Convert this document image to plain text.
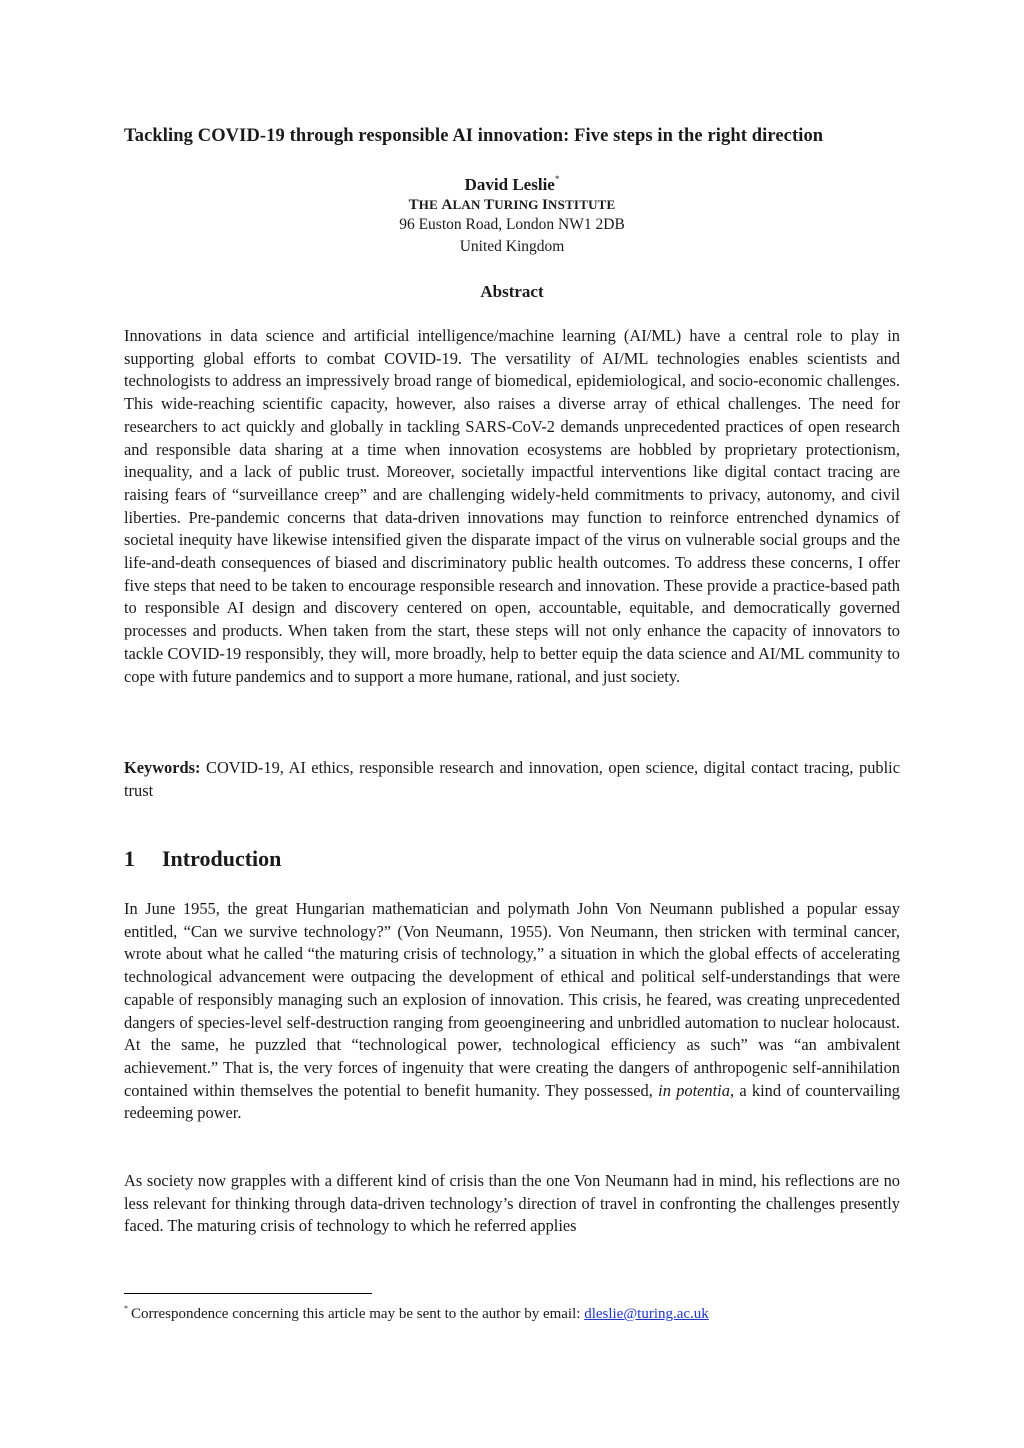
Tackling COVID-19 through responsible AI innovation: Five steps in the right direction
David Leslie*
THE ALAN TURING INSTITUTE
96 Euston Road, London NW1 2DB
United Kingdom
Abstract

Innovations in data science and artificial intelligence/machine learning (AI/ML) have a central role to play in supporting global efforts to combat COVID-19. The versatility of AI/ML technologies enables scientists and technologists to address an impressively broad range of biomedical, epidemiological, and socio-economic challenges. This wide-reaching scientific capacity, however, also raises a diverse array of ethical challenges. The need for researchers to act quickly and globally in tackling SARS-CoV-2 demands unprecedented practices of open research and responsible data sharing at a time when innovation ecosystems are hobbled by proprietary protectionism, inequality, and a lack of public trust. Moreover, societally impactful interventions like digital contact tracing are raising fears of “surveillance creep” and are challenging widely-held commitments to privacy, autonomy, and civil liberties. Pre-pandemic concerns that data-driven innovations may function to reinforce entrenched dynamics of societal inequity have likewise intensified given the disparate impact of the virus on vulnerable social groups and the life-and-death consequences of biased and discriminatory public health outcomes. To address these concerns, I offer five steps that need to be taken to encourage responsible research and innovation. These provide a practice-based path to responsible AI design and discovery centered on open, accountable, equitable, and democratically governed processes and products. When taken from the start, these steps will not only enhance the capacity of innovators to tackle COVID-19 responsibly, they will, more broadly, help to better equip the data science and AI/ML community to cope with future pandemics and to support a more humane, rational, and just society.

Keywords: COVID-19, AI ethics, responsible research and innovation, open science, digital contact tracing, public trust

1 Introduction

In June 1955, the great Hungarian mathematician and polymath John Von Neumann published a popular essay entitled, “Can we survive technology?” (Von Neumann, 1955). Von Neumann, then stricken with terminal cancer, wrote about what he called “the maturing crisis of technology,” a situation in which the global effects of accelerating technological advancement were outpacing the development of ethical and political self-understandings that were capable of responsibly managing such an explosion of innovation. This crisis, he feared, was creating unprecedented dangers of species-level self-destruction ranging from geoengineering and unbridled automation to nuclear holocaust. At the same, he puzzled that “technological power, technological efficiency as such” was “an ambivalent achievement.” That is, the very forces of ingenuity that were creating the dangers of anthropogenic self-annihilation contained within themselves the potential to benefit humanity. They possessed, in potentia, a kind of countervailing redeeming power.

As society now grapples with a different kind of crisis than the one Von Neumann had in mind, his reflections are no less relevant for thinking through data-driven technology’s direction of travel in confronting the challenges presently faced. The maturing crisis of technology to which he referred applies

* Correspondence concerning this article may be sent to the author by email: dleslie@turing.ac.uk
